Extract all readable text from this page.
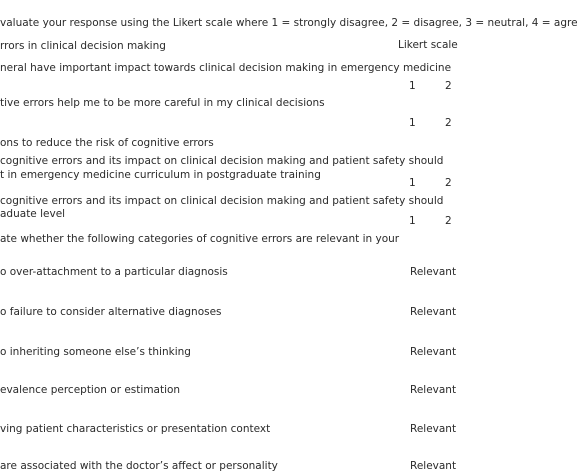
valuate your response using the Likert scale where 1 = strongly disagree, 2 = disagree, 3 = neutral, 4 = agre
Likert scale
rrors in clinical decision making
neral have important impact towards clinical decision making in emergency medicine
1	2
tive errors help me to be more careful in my clinical decisions
1	2
ons to reduce the risk of cognitive errors
cognitive errors and its impact on clinical decision making and patient safety should
t in emergency medicine curriculum in postgraduate training
1	2
cognitive errors and its impact on clinical decision making and patient safety should
aduate level
1	2
ate whether the following categories of cognitive errors are relevant in your
o over-attachment to a particular diagnosis	Relevant
o failure to consider alternative diagnoses	Relevant
o inheriting someone else’s thinking	Relevant
evalence perception or estimation	Relevant
ving patient characteristics or presentation context	Relevant
are associated with the doctor’s affect or personality	Relevant
